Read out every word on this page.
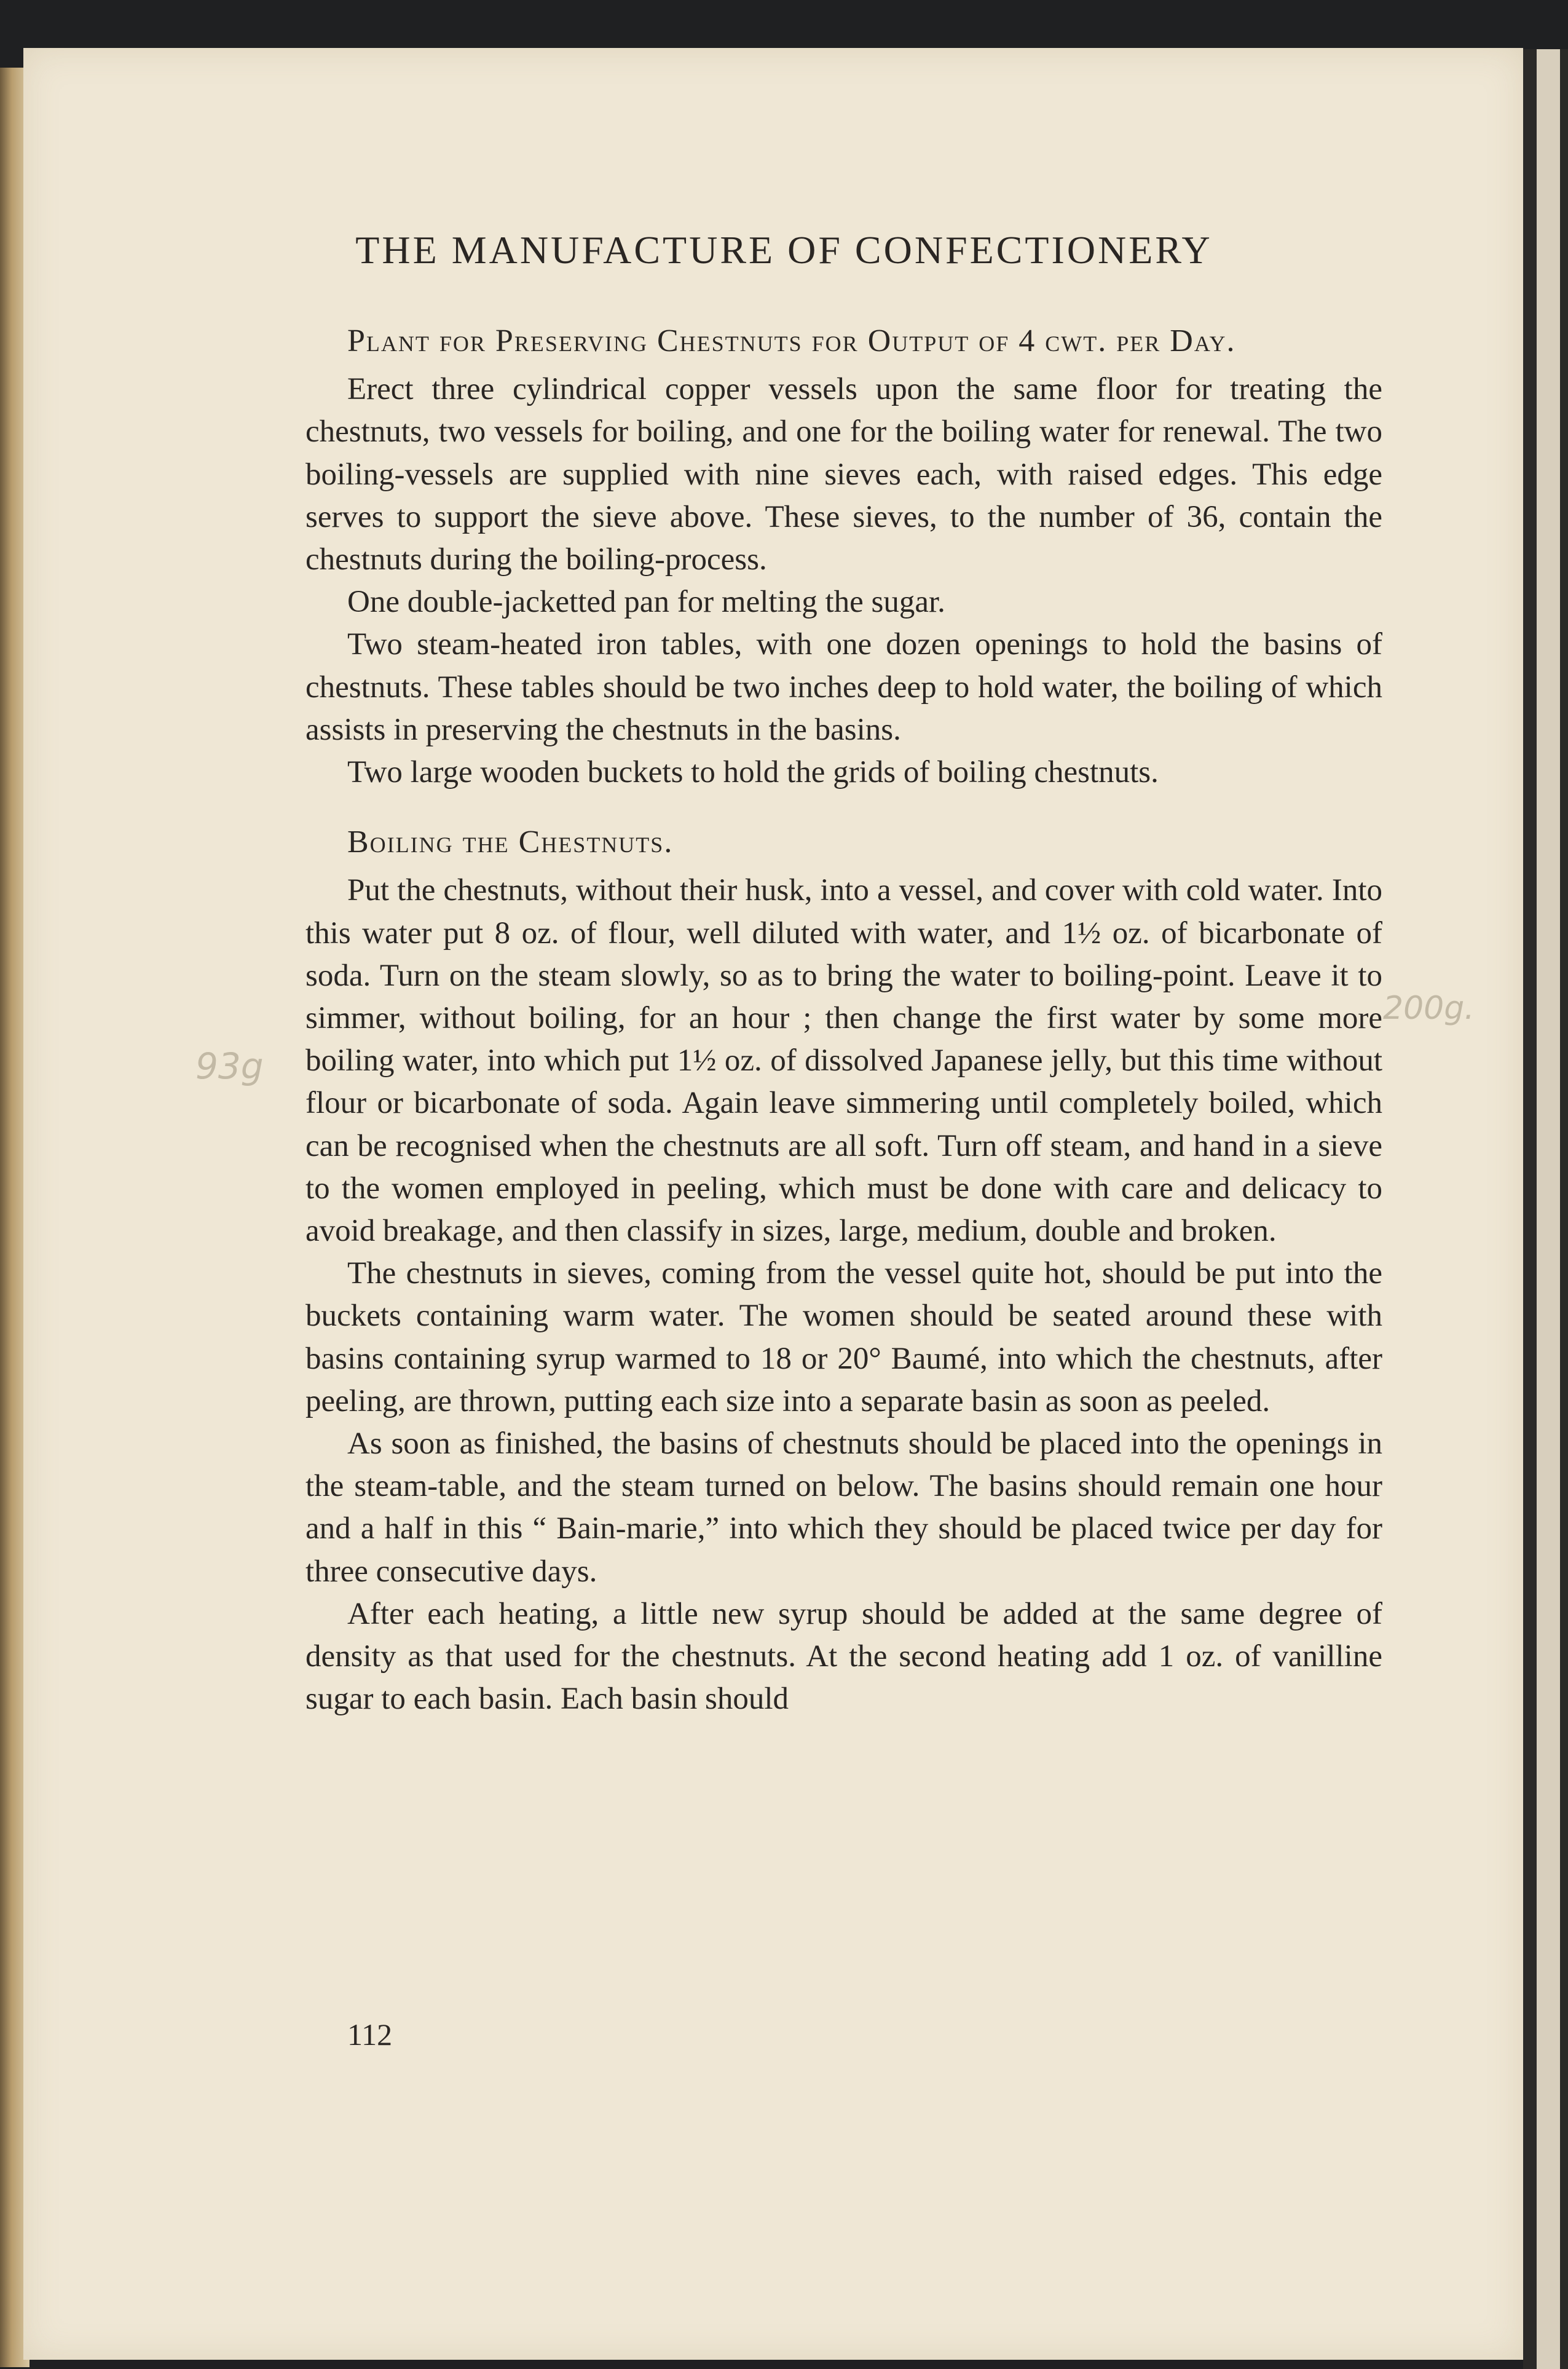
THE MANUFACTURE OF CONFECTIONERY

Plant for Preserving Chestnuts for Output of 4 cwt. per Day.

Erect three cylindrical copper vessels upon the same floor for treating the chestnuts, two vessels for boiling, and one for the boiling water for renewal. The two boiling-vessels are supplied with nine sieves each, with raised edges. This edge serves to support the sieve above. These sieves, to the number of 36, contain the chestnuts during the boiling-process.

One double-jacketted pan for melting the sugar.

Two steam-heated iron tables, with one dozen openings to hold the basins of chestnuts. These tables should be two inches deep to hold water, the boiling of which assists in preserving the chestnuts in the basins.

Two large wooden buckets to hold the grids of boiling chestnuts.

Boiling the Chestnuts.

Put the chestnuts, without their husk, into a vessel, and cover with cold water. Into this water put 8 oz. of flour, well diluted with water, and 1½ oz. of bicarbonate of soda. Turn on the steam slowly, so as to bring the water to boiling-point. Leave it to simmer, without boiling, for an hour ; then change the first water by some more boiling water, into which put 1½ oz. of dissolved Japanese jelly, but this time without flour or bicarbonate of soda. Again leave simmering until completely boiled, which can be recognised when the chestnuts are all soft. Turn off steam, and hand in a sieve to the women employed in peeling, which must be done with care and delicacy to avoid breakage, and then classify in sizes, large, medium, double and broken.

The chestnuts in sieves, coming from the vessel quite hot, should be put into the buckets containing warm water. The women should be seated around these with basins containing syrup warmed to 18 or 20° Baumé, into which the chestnuts, after peeling, are thrown, putting each size into a separate basin as soon as peeled.

As soon as finished, the basins of chestnuts should be placed into the openings in the steam-table, and the steam turned on below. The basins should remain one hour and a half in this “ Bain-marie,” into which they should be placed twice per day for three consecutive days.

After each heating, a little new syrup should be added at the same degree of density as that used for the chestnuts. At the second heating add 1 oz. of vanilline sugar to each basin. Each basin should

112
93g
200g.
